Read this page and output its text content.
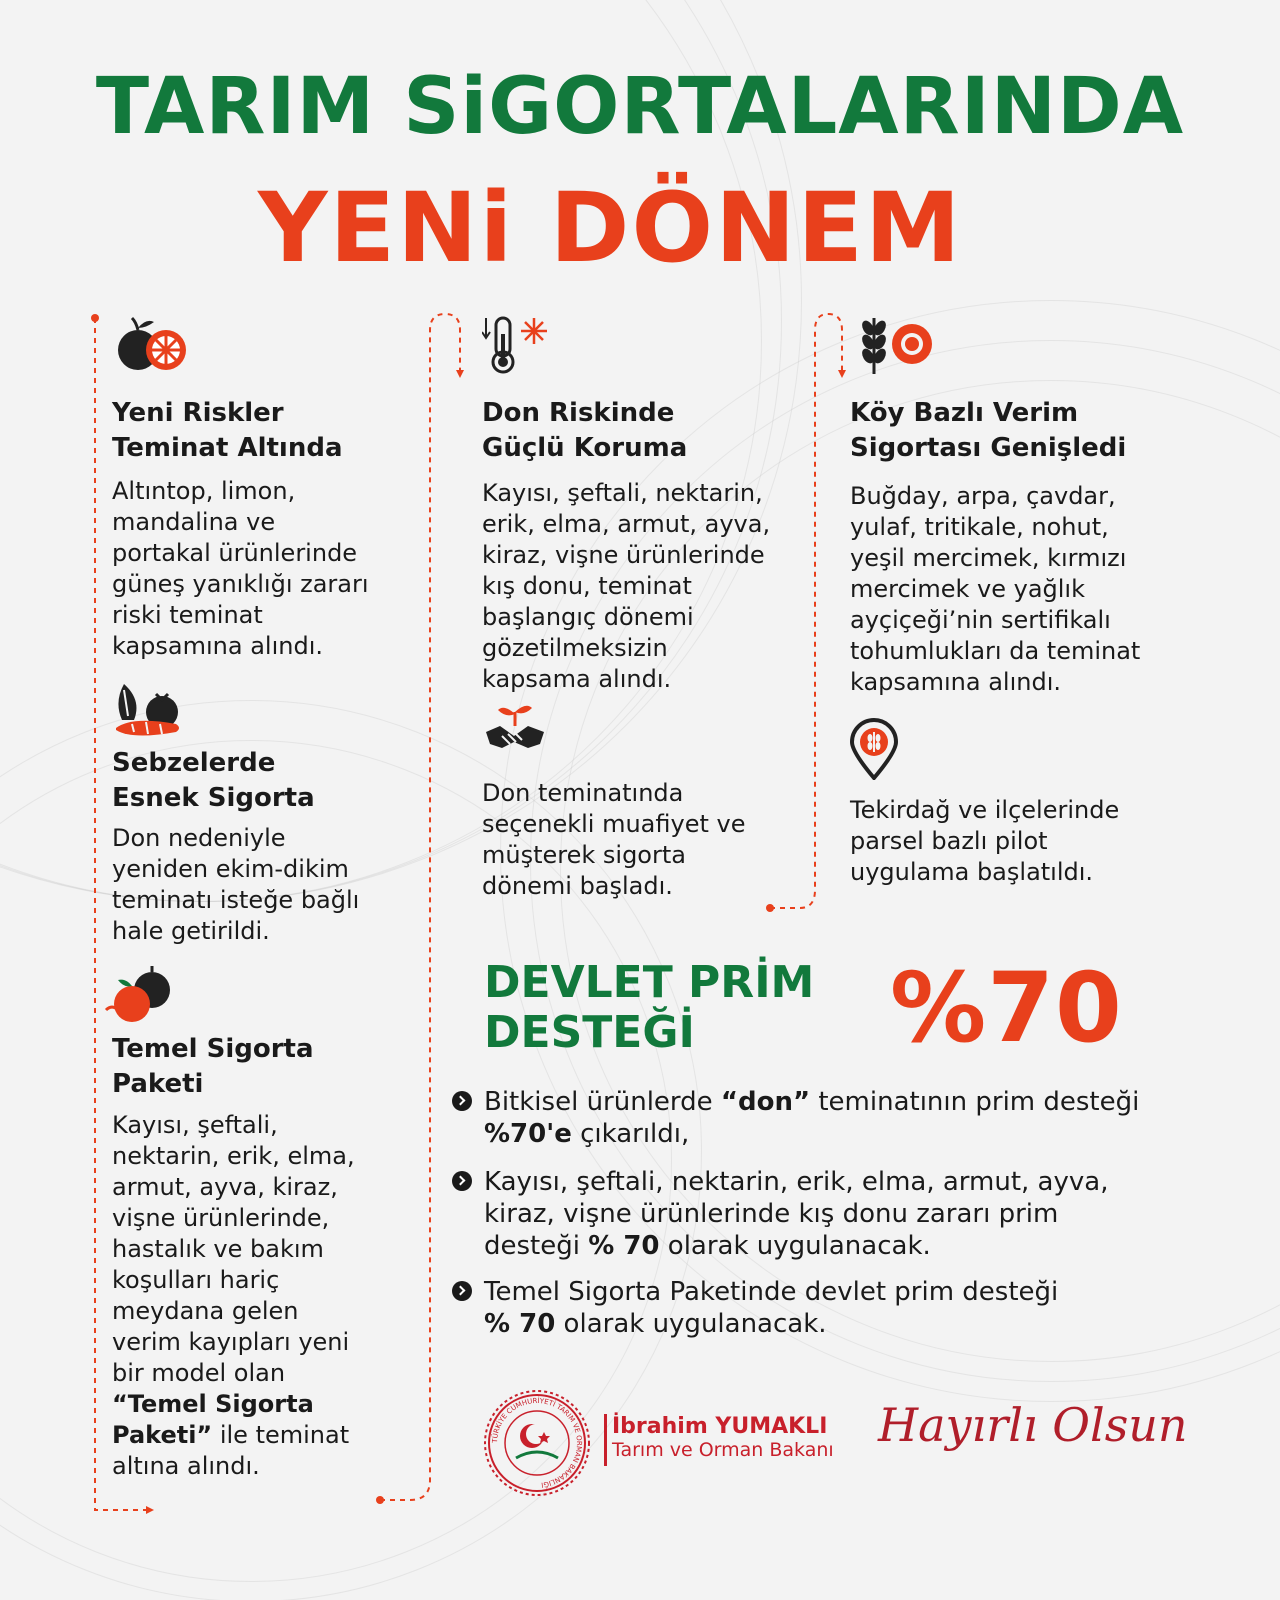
TARIM SiGORTALARINDA
YENi DÖNEM
Yeni Riskler
Teminat Altında
Altıntop, limon,
mandalina ve
portakal ürünlerinde
güneş yanıklığı zararı
riski teminat
kapsamına alındı.
Sebzelerde
Esnek Sigorta
Don nedeniyle
yeniden ekim-dikim
teminatı isteğe bağlı
hale getirildi.
Temel Sigorta
Paketi
Kayısı, şeftali,
nektarin, erik, elma,
armut, ayva, kiraz,
vişne ürünlerinde,
hastalık ve bakım
koşulları hariç
meydana gelen
verim kayıpları yeni
bir model olan
“Temel Sigorta
Paketi” ile teminat
altına alındı.
Don Riskinde
Güçlü Koruma
Kayısı, şeftali, nektarin,
erik, elma, armut, ayva,
kiraz, vişne ürünlerinde
kış donu, teminat
başlangıç dönemi
gözetilmeksizin
kapsama alındı.
Don teminatında
seçenekli muafiyet ve
müşterek sigorta
dönemi başladı.
Köy Bazlı Verim
Sigortası Genişledi
Buğday, arpa, çavdar,
yulaf, tritikale, nohut,
yeşil mercimek, kırmızı
mercimek ve yağlık
ayçiçeği’nin sertifikalı
tohumlukları da teminat
kapsamına alındı.
Tekirdağ ve ilçelerinde
parsel bazlı pilot
uygulama başlatıldı.
DEVLET PRİM
DESTEĞİ	%70
Bitkisel ürünlerde “don” teminatının prim desteği
%70'e çıkarıldı,
Kayısı, şeftali, nektarin, erik, elma, armut, ayva,
kiraz, vişne ürünlerinde kış donu zararı prim
desteği % 70 olarak uygulanacak.
Temel Sigorta Paketinde devlet prim desteği
% 70 olarak uygulanacak.
TÜRKİYE CUMHURİYETİ TARIM VE ORMAN BAKANLIĞI
İbrahim YUMAKLI
Tarım ve Orman Bakanı Hayırlı Olsun
